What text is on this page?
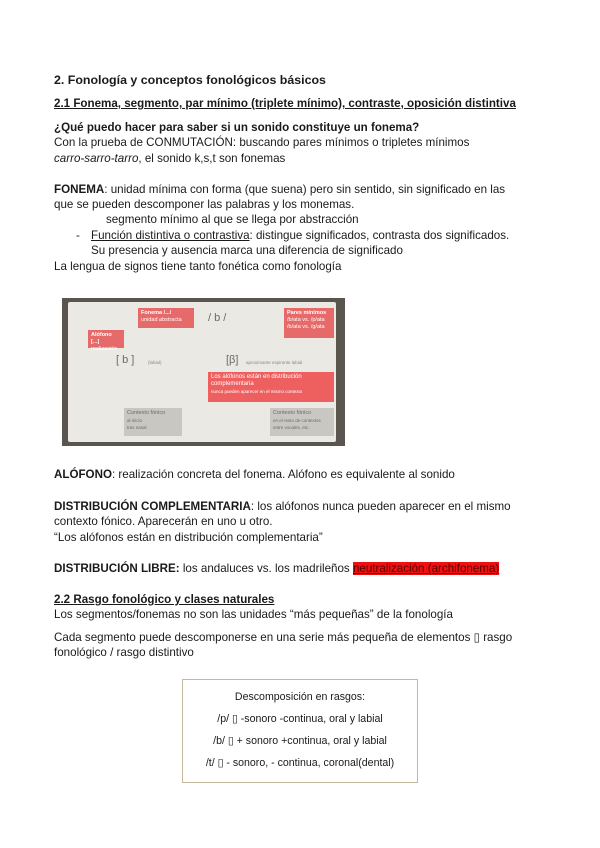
2. Fonología y conceptos fonológicos básicos
2.1 Fonema, segmento, par mínimo (triplete mínimo), contraste, oposición distintiva
¿Qué puedo hacer para saber si un sonido constituye un fonema?
Con la prueba de CONMUTACIÓN: buscando pares mínimos o tripletes mínimos
carro-sarro-tarro, el sonido k,s,t son fonemas
FONEMA: unidad mínima con forma (que suena) pero sin sentido, sin significado en las
que se pueden descomponer las palabras y los monemas.
segmento mínimo al que se llega por abstracción
- Función distintiva o contrastiva: distingue significados, contrasta dos significados.
Su presencia y ausencia marca una diferencia de significado
La lengua de signos tiene tanto fonética como fonología
Fonema /.../
unidad abstracta	/ b /	Pares mínimos
/b/ata vs. /p/ata
/b/ata vs. /g/ata
Alófono [...]
realización
[ b ]	(labial)	[β] aproximante espirante labial
Los alófonos están en distribución
complementaria
nunca pueden aparecer en el mismo contexto
Contexto fónico
al inicio
tras nasal
Contexto fónico
en el resto de contextos
entre vocales, etc.
ALÓFONO: realización concreta del fonema. Alófono es equivalente al sonido
DISTRIBUCIÓN COMPLEMENTARIA: los alófonos nunca pueden aparecer en el mismo
contexto fónico. Aparecerán en uno u otro.
“Los alófonos están en distribución complementaria”
DISTRIBUCIÓN LIBRE: los andaluces vs. los madrileños neutralización (archifonema)
2.2 Rasgo fonológico y clases naturales
Los segmentos/fonemas no son las unidades “más pequeñas” de la fonología
Cada segmento puede descomponerse en una serie más pequeña de elementos ▯ rasgo
fonológico / rasgo distintivo
Descomposición en rasgos:
/p/ ▯ -sonoro -continua, oral y labial
/b/ ▯ + sonoro +continua, oral y labial
/t/ ▯ - sonoro, - continua, coronal(dental)
